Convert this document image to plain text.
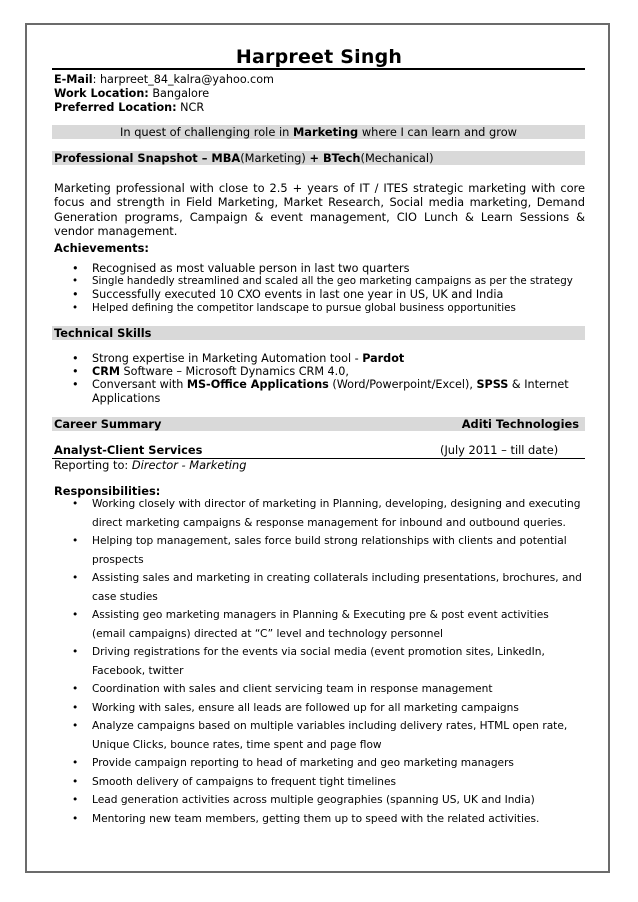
Harpreet Singh
E-Mail: harpreet_84_kalra@yahoo.com
Work Location: Bangalore
Preferred Location: NCR
In quest of challenging role in Marketing where I can learn and grow
Professional Snapshot – MBA(Marketing) + BTech(Mechanical)
Marketing professional with close to 2.5 + years of IT / ITES strategic marketing with core focus and strength in Field Marketing, Market Research, Social media marketing, Demand Generation programs, Campaign & event management, CIO Lunch & Learn Sessions & vendor management.
Achievements:
• Recognised as most valuable person in last two quarters
• Single handedly streamlined and scaled all the geo marketing campaigns as per the strategy
• Successfully executed 10 CXO events in last one year in US, UK and India
• Helped defining the competitor landscape to pursue global business opportunities
Technical Skills
• Strong expertise in Marketing Automation tool - Pardot
• CRM Software – Microsoft Dynamics CRM 4.0,
• Conversant with MS-Office Applications (Word/Powerpoint/Excel), SPSS & Internet Applications
Career Summary	Aditi Technologies
Analyst-Client Services	(July 2011 – till date)
Reporting to: Director - Marketing
Responsibilities:
• Working closely with director of marketing in Planning, developing, designing and executing direct marketing campaigns & response management for inbound and outbound queries.
• Helping top management, sales force build strong relationships with clients and potential prospects
• Assisting sales and marketing in creating collaterals including presentations, brochures, and case studies
• Assisting geo marketing managers in Planning & Executing pre & post event activities (email campaigns) directed at “C” level and technology personnel
• Driving registrations for the events via social media (event promotion sites, LinkedIn, Facebook, twitter
• Coordination with sales and client servicing team in response management
• Working with sales, ensure all leads are followed up for all marketing campaigns
• Analyze campaigns based on multiple variables including delivery rates, HTML open rate, Unique Clicks, bounce rates, time spent and page flow
• Provide campaign reporting to head of marketing and geo marketing managers
• Smooth delivery of campaigns to frequent tight timelines
• Lead generation activities across multiple geographies (spanning US, UK and India)
• Mentoring new team members, getting them up to speed with the related activities.
